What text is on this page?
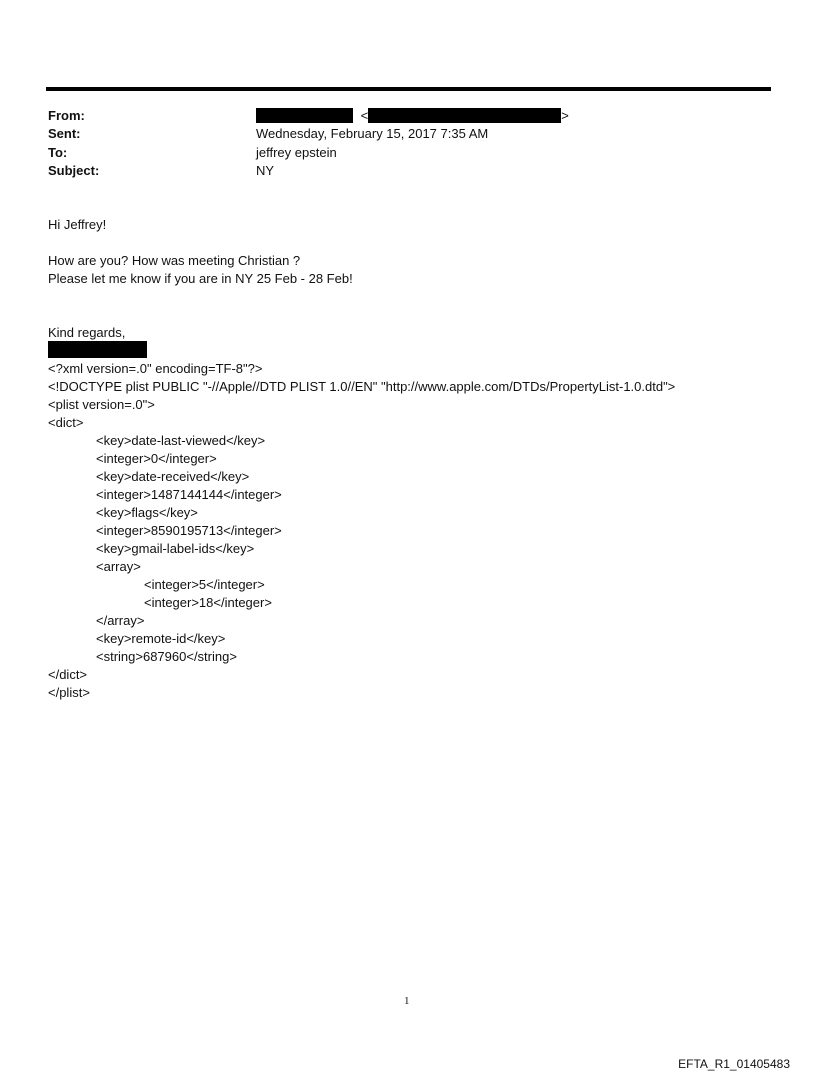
From:	<	>
Sent:	Wednesday, February 15, 2017 7:35 AM
To:	jeffrey epstein
Subject:	NY
Hi Jeffrey!
How are you? How was meeting Christian ?
Please let me know if you are in NY 25 Feb - 28 Feb!
Kind regards,
<?xml version=.0" encoding=TF-8"?>
<!DOCTYPE plist PUBLIC "-//Apple//DTD PLIST 1.0//EN" "http://www.apple.com/DTDs/PropertyList-1.0.dtd">
<plist version=.0">
<dict>
<key>date-last-viewed</key>
<integer>0</integer>
<key>date-received</key>
<integer>1487144144</integer>
<key>flags</key>
<integer>8590195713</integer>
<key>gmail-label-ids</key>
<array>
<integer>5</integer>
<integer>18</integer>
</array>
<key>remote-id</key>
<string>687960</string>
</dict>
</plist>
1
EFTA_R1_01405483
